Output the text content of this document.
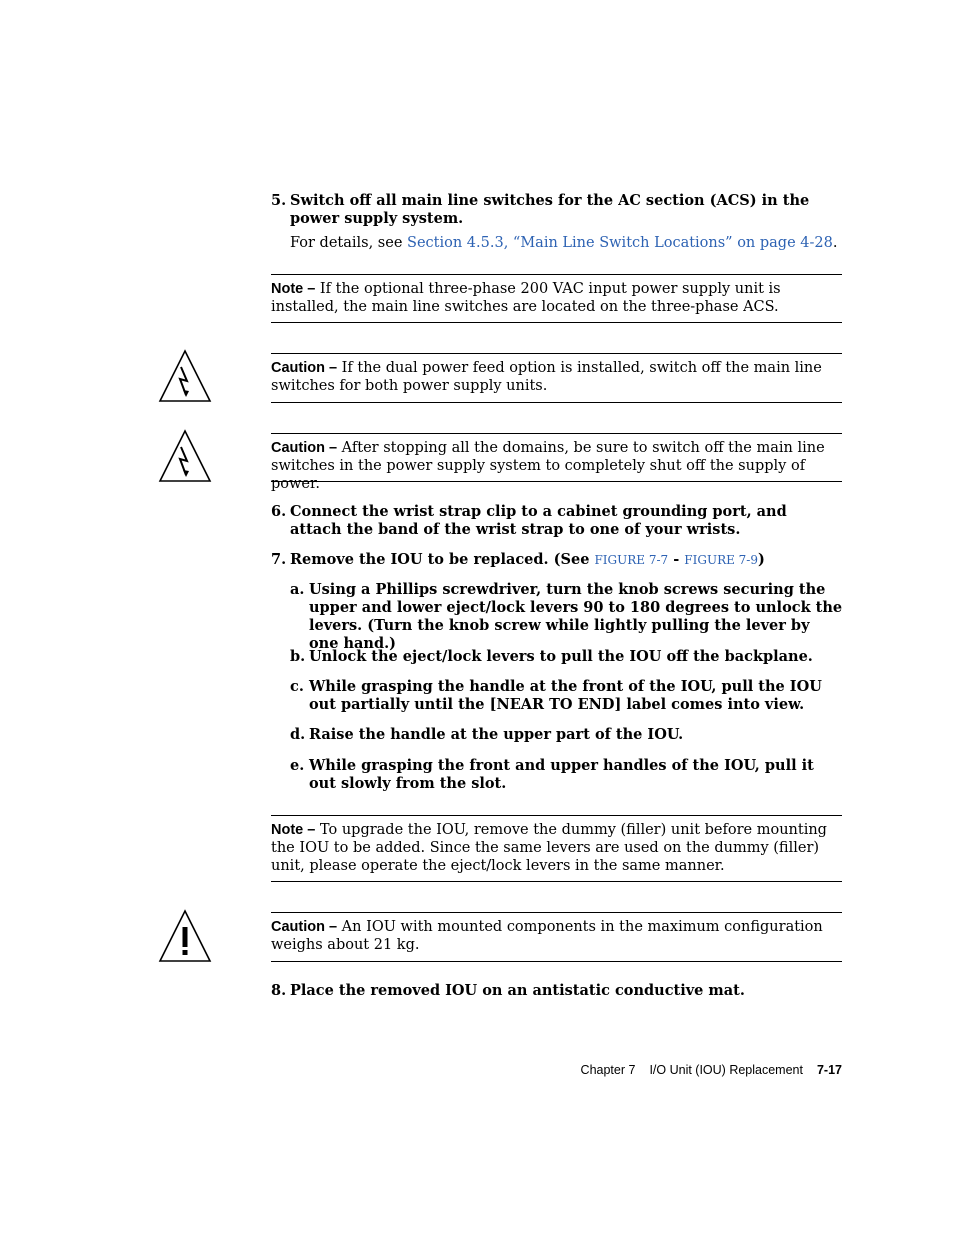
5. Switch off all main line switches for the AC section (ACS) in the power supply system.
For details, see Section 4.5.3, “Main Line Switch Locations” on page 4-28.
Note – If the optional three-phase 200 VAC input power supply unit is installed, the main line switches are located on the three-phase ACS.
Caution – If the dual power feed option is installed, switch off the main line switches for both power supply units.
Caution – After stopping all the domains, be sure to switch off the main line switches in the power supply system to completely shut off the supply of power.
6. Connect the wrist strap clip to a cabinet grounding port, and attach the band of the wrist strap to one of your wrists.
7. Remove the IOU to be replaced. (See FIGURE 7-7 - FIGURE 7-9)
a. Using a Phillips screwdriver, turn the knob screws securing the upper and lower eject/lock levers 90 to 180 degrees to unlock the levers. (Turn the knob screw while lightly pulling the lever by one hand.)
b. Unlock the eject/lock levers to pull the IOU off the backplane.
c. While grasping the handle at the front of the IOU, pull the IOU out partially until the [NEAR TO END] label comes into view.
d. Raise the handle at the upper part of the IOU.
e. While grasping the front and upper handles of the IOU, pull it out slowly from the slot.
Note – To upgrade the IOU, remove the dummy (filler) unit before mounting the IOU to be added. Since the same levers are used on the dummy (filler) unit, please operate the eject/lock levers in the same manner.
Caution – An IOU with mounted components in the maximum configuration weighs about 21 kg.
8. Place the removed IOU on an antistatic conductive mat.
Chapter 7 I/O Unit (IOU) Replacement 7-17
